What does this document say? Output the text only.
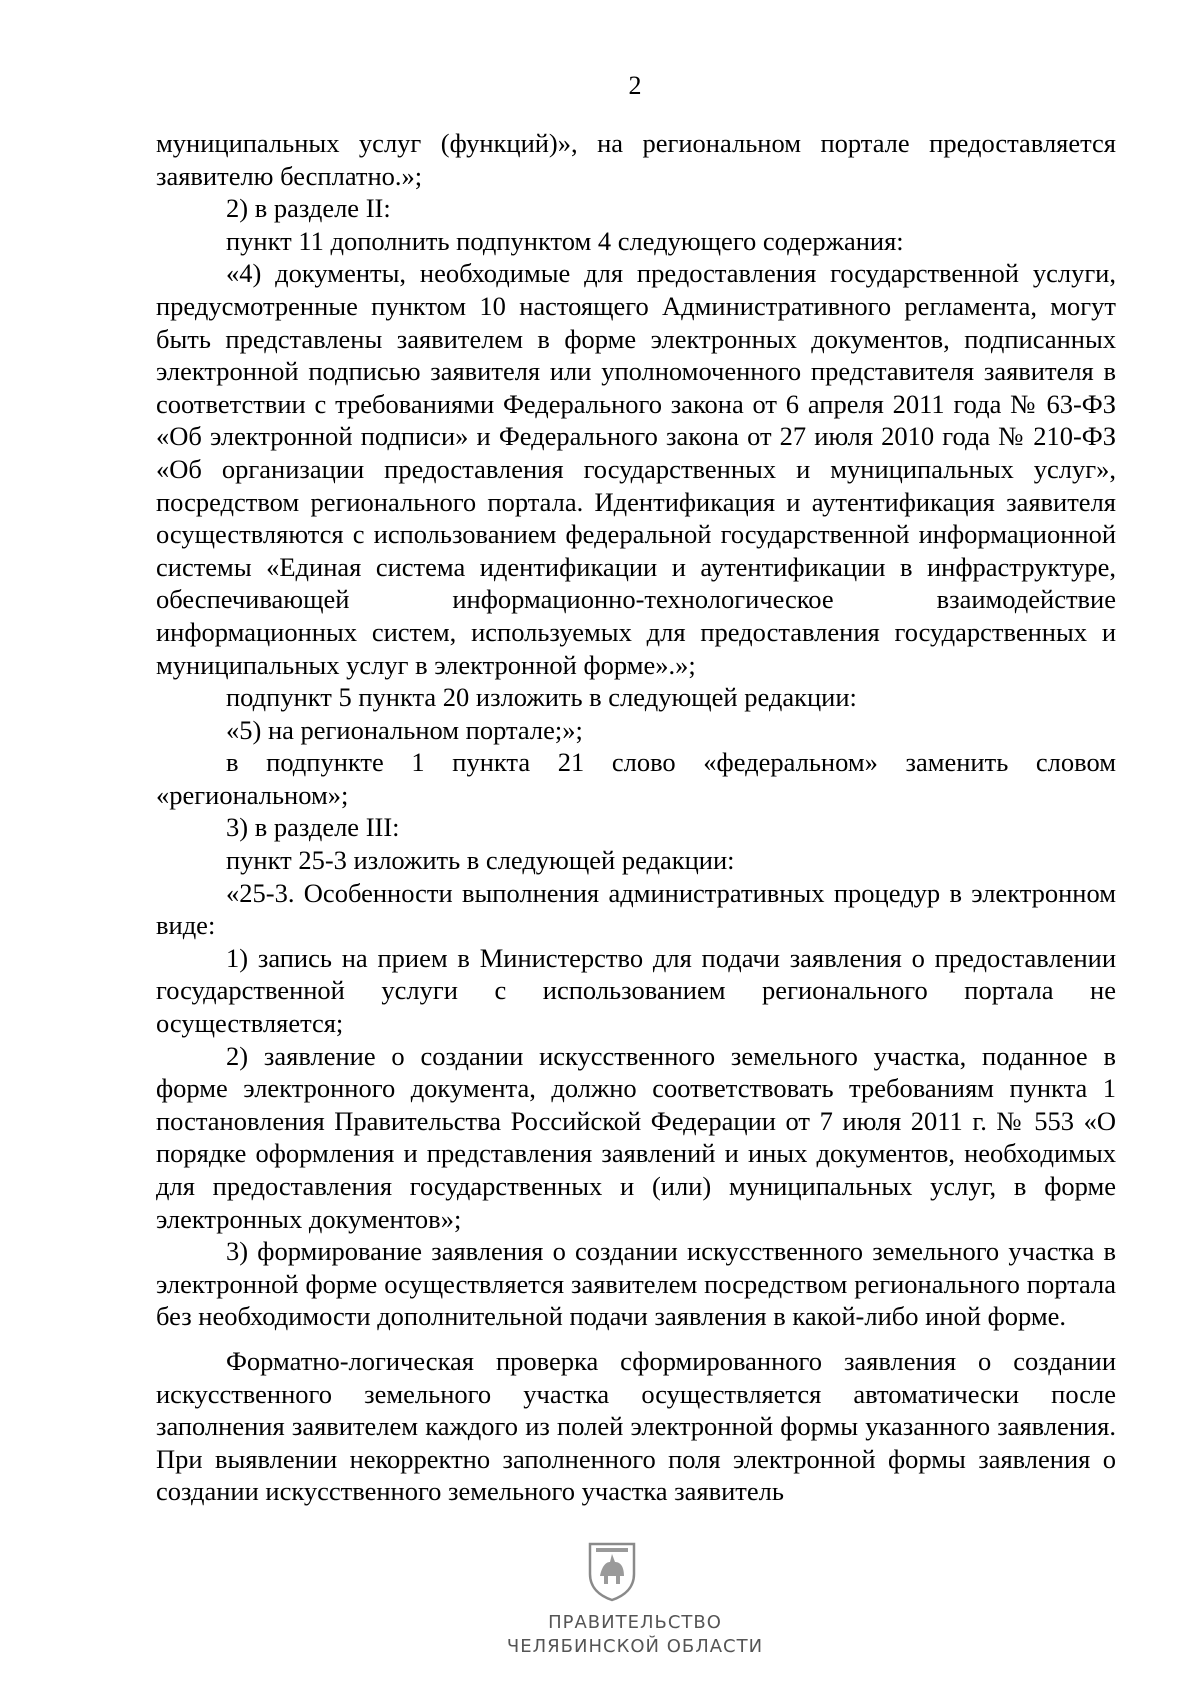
2

муниципальных услуг (функций)», на региональном портале предоставляется заявителю бесплатно.»;

2) в разделе II:

пункт 11 дополнить подпунктом 4 следующего содержания:

«4) документы, необходимые для предоставления государственной услуги, предусмотренные пунктом 10 настоящего Административного регламента, могут быть представлены заявителем в форме электронных документов, подписанных электронной подписью заявителя или уполномоченного представителя заявителя в соответствии с требованиями Федерального закона от 6 апреля 2011 года № 63-ФЗ «Об электронной подписи» и Федерального закона от 27 июля 2010 года № 210-ФЗ «Об организации предоставления государственных и муниципальных услуг», посредством регионального портала. Идентификация и аутентификация заявителя осуществляются с использованием федеральной государственной информационной системы «Единая система идентификации и аутентификации в инфраструктуре, обеспечивающей информационно-технологическое взаимодействие информационных систем, используемых для предоставления государственных и муниципальных услуг в электронной форме».»;

подпункт 5 пункта 20 изложить в следующей редакции:

«5) на региональном портале;»;

в подпункте 1 пункта 21 слово «федеральном» заменить словом «региональном»;

3) в разделе III:

пункт 25-3 изложить в следующей редакции:

«25-3. Особенности выполнения административных процедур в электронном виде:

1) запись на прием в Министерство для подачи заявления о предоставлении государственной услуги с использованием регионального портала не осуществляется;

2) заявление о создании искусственного земельного участка, поданное в форме электронного документа, должно соответствовать требованиям пункта 1 постановления Правительства Российской Федерации от 7 июля 2011 г. № 553 «О порядке оформления и представления заявлений и иных документов, необходимых для предоставления государственных и (или) муниципальных услуг, в форме электронных документов»;

3) формирование заявления о создании искусственного земельного участка в электронной форме осуществляется заявителем посредством регионального портала без необходимости дополнительной подачи заявления в какой-либо иной форме.

Форматно-логическая проверка сформированного заявления о создании искусственного земельного участка осуществляется автоматически после заполнения заявителем каждого из полей электронной формы указанного заявления. При выявлении некорректно заполненного поля электронной формы заявления о создании искусственного земельного участка заявитель

ПРАВИТЕЛЬСТВО
ЧЕЛЯБИНСКОЙ ОБЛАСТИ
